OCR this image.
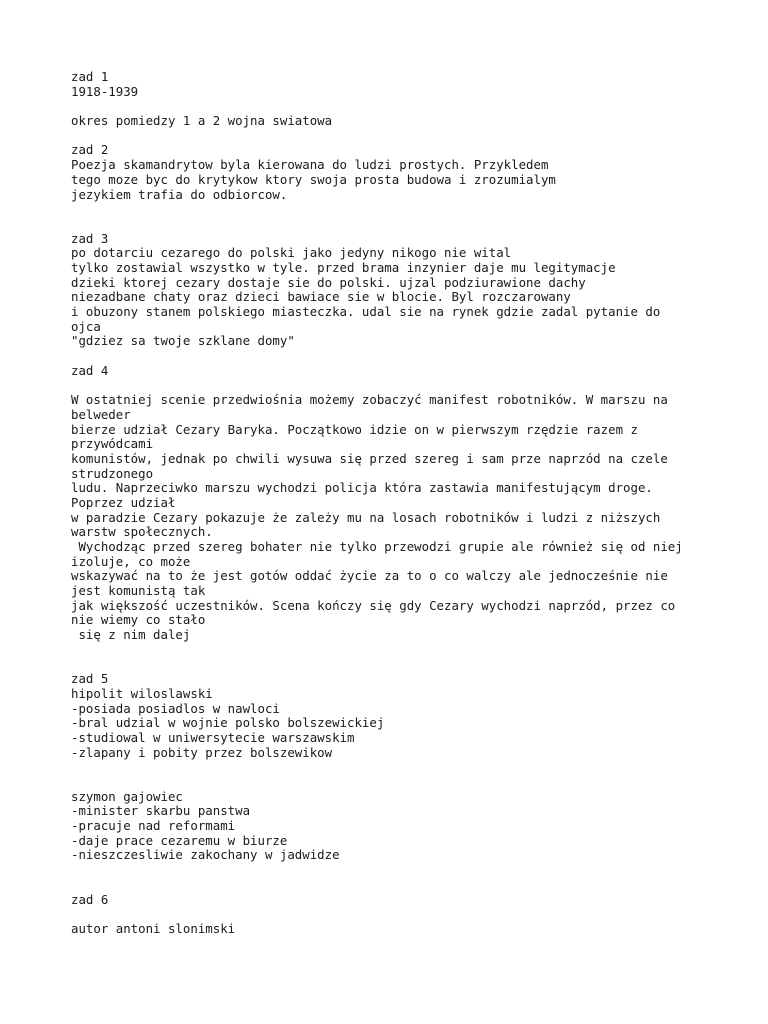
zad 1
1918-1939
okres pomiedzy 1 a 2 wojna swiatowa
zad 2
Poezja skamandrytow byla kierowana do ludzi prostych. Przykledem
tego moze byc do krytykow ktory swoja prosta budowa i zrozumialym
jezykiem trafia do odbiorcow.
zad 3
po dotarciu cezarego do polski jako jedyny nikogo nie wital
tylko zostawial wszystko w tyle. przed brama inzynier daje mu legitymacje
dzieki ktorej cezary dostaje sie do polski. ujzal podziurawione dachy
niezadbane chaty oraz dzieci bawiace sie w blocie. Byl rozczarowany
i obuzony stanem polskiego miasteczka. udal sie na rynek gdzie zadal pytanie do
ojca
"gdziez sa twoje szklane domy"
zad 4
W ostatniej scenie przedwiośnia możemy zobaczyć manifest robotników. W marszu na
belweder
bierze udział Cezary Baryka. Początkowo idzie on w pierwszym rzędzie razem z
przywódcami
komunistów, jednak po chwili wysuwa się przed szereg i sam prze naprzód na czele
strudzonego
ludu. Naprzeciwko marszu wychodzi policja która zastawia manifestującym droge.
Poprzez udział
w paradzie Cezary pokazuje że zależy mu na losach robotników i ludzi z niższych
warstw społecznych.
Wychodząc przed szereg bohater nie tylko przewodzi grupie ale również się od niej
izoluje, co może
wskazywać na to że jest gotów oddać życie za to o co walczy ale jednocześnie nie
jest komunistą tak
jak większość uczestników. Scena kończy się gdy Cezary wychodzi naprzód, przez co
nie wiemy co stało
się z nim dalej
zad 5
hipolit wiloslawski
-posiada posiadlos w nawloci
-bral udzial w wojnie polsko bolszewickiej
-studiowal w uniwersytecie warszawskim
-zlapany i pobity przez bolszewikow
szymon gajowiec
-minister skarbu panstwa
-pracuje nad reformami
-daje prace cezaremu w biurze
-nieszczesliwie zakochany w jadwidze
zad 6
autor antoni slonimski
